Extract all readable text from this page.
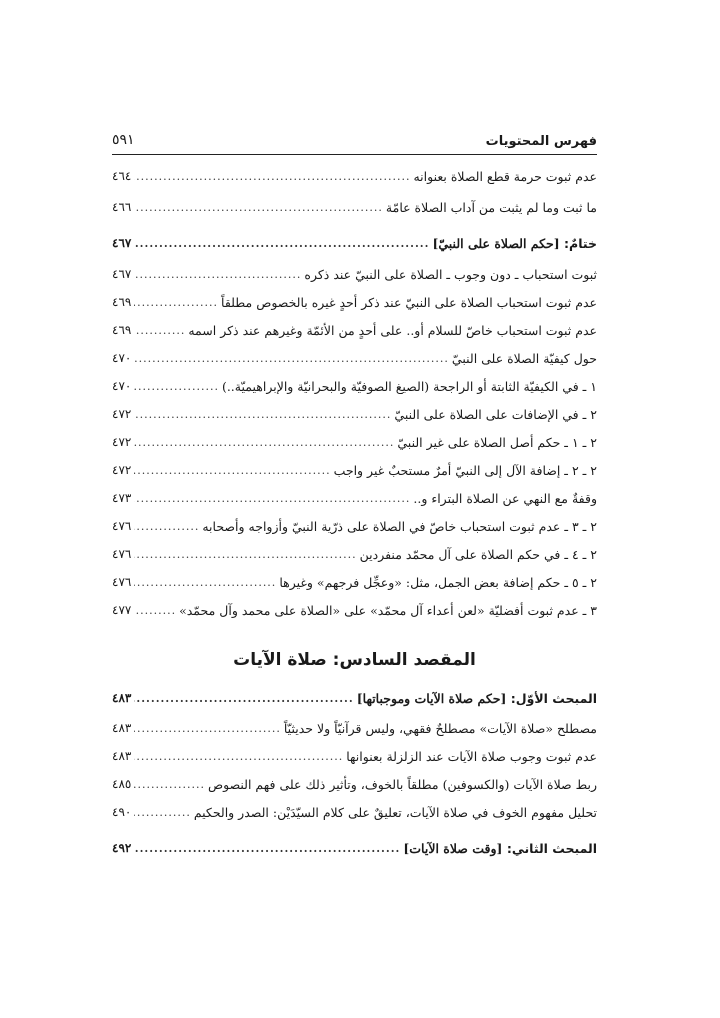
فهرس المحتويات
٥٩١
عدم ثبوت حرمة قطع الصلاة بعنوانه
.....
٤٦٤
ما ثبت وما لم يثبت من آداب الصلاة عامّة
.....
٤٦٦
ختامٌ: [حكم الصلاة على النبيّ]
.....
٤٦٧
ثبوت استحباب ـ دون وجوب ـ الصلاة على النبيّ عند ذكره
.....
٤٦٧
عدم ثبوت استحباب الصلاة على النبيّ عند ذكر أحدٍ غيره بالخصوص مطلقاً
.....
٤٦٩
عدم ثبوت استحباب خاصّ للسلام أو.. على أحدٍ من الأئمّة وغيرهم عند ذكر اسمه
.....
٤٦٩
حول كيفيّة الصلاة على النبيّ
.....
٤٧٠
١ ـ في الكيفيّة الثابتة أو الراجحة (الصيغ الصوفيّة والبحرانيّة والإبراهيميّة..)
.....
٤٧٠
٢ ـ في الإضافات على الصلاة على النبيّ
.....
٤٧٢
٢ ـ ١ ـ حكم أصل الصلاة على غير النبيّ
.....
٤٧٢
٢ ـ ٢ ـ إضافة الآل إلى النبيّ أمرٌ مستحبٌ غير واجب
.....
٤٧٢
وقفةٌ مع النهي عن الصلاة البتراء و..
.....
٤٧٣
٢ ـ ٣ ـ عدم ثبوت استحباب خاصّ في الصلاة على ذرّية النبيّ وأزواجه وأصحابه
.....
٤٧٦
٢ ـ ٤ ـ في حكم الصلاة على آل محمّد منفردين
.....
٤٧٦
٢ ـ ٥ ـ حكم إضافة بعض الجمل، مثل: «وعجِّل فرجهم» وغيرها
.....
٤٧٦
٣ ـ عدم ثبوت أفضليّة «لعن أعداء آل محمّد» على «الصلاة على محمد وآل محمّد»
.....
٤٧٧
المقصد السادس: صلاة الآيات
المبحث الأوّل: [حكم صلاة الآيات وموجباتها]
.....
٤٨٣
مصطلح «صلاة الآيات» مصطلحٌ فقهي، وليس قرآنيّاً ولا حديثيّاً
.....
٤٨٣
عدم ثبوت وجوب صلاة الآيات عند الزلزلة بعنوانها
.....
٤٨٣
ربط صلاة الآيات (والكسوفين) مطلقاً بالخوف، وتأثير ذلك على فهم النصوص
.....
٤٨٥
تحليل مفهوم الخوف في صلاة الآيات، تعليقٌ على كلام السيّدَيْن: الصدر والحكيم
.....
٤٩٠
المبحث الثاني: [وقت صلاة الآيات]
.....
٤٩٢
